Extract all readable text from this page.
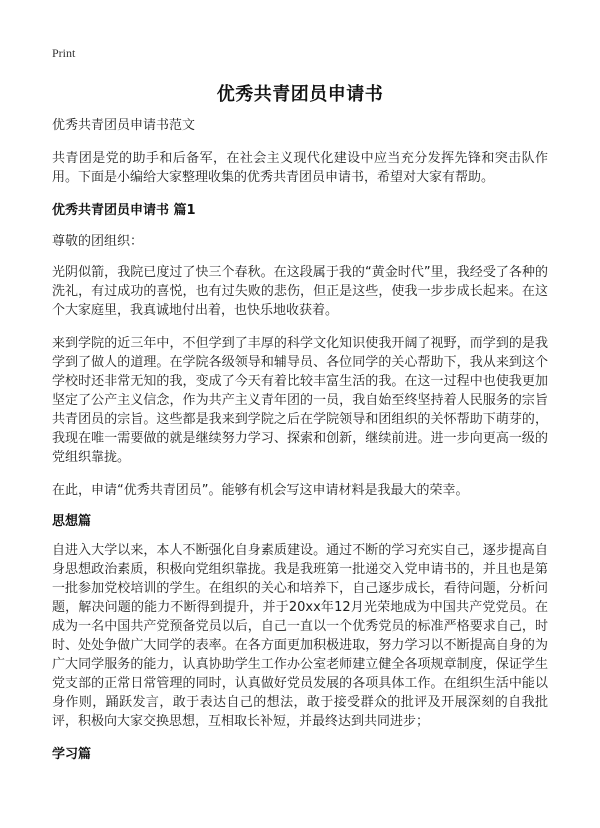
Print
优秀共青团员申请书

优秀共青团员申请书范文

共青团是党的助手和后备军，在社会主义现代化建设中应当充分发挥先锋和突击队作用。下面是小编给大家整理收集的优秀共青团员申请书，希望对大家有帮助。

优秀共青团员申请书 篇1

尊敬的团组织：

光阴似箭，我院已度过了快三个春秋。在这段属于我的“黄金时代”里，我经受了各种的洗礼，有过成功的喜悦，也有过失败的悲伤，但正是这些，使我一步步成长起来。在这个大家庭里，我真诚地付出着，也快乐地收获着。

来到学院的近三年中，不但学到了丰厚的科学文化知识使我开阔了视野，而学到的是我学到了做人的道理。在学院各级领导和辅导员、各位同学的关心帮助下，我从来到这个学校时还非常无知的我，变成了今天有着比较丰富生活的我。在这一过程中也使我更加坚定了公产主义信念，作为共产主义青年团的一员，我自始至终坚持着人民服务的宗旨共青团员的宗旨。这些都是我来到学院之后在学院领导和团组织的关怀帮助下萌芽的，我现在唯一需要做的就是继续努力学习、探索和创新，继续前进。进一步向更高一级的党组织靠拢。

在此，申请“优秀共青团员”。能够有机会写这申请材料是我最大的荣幸。

思想篇

自进入大学以来，本人不断强化自身素质建设。通过不断的学习充实自己，逐步提高自身思想政治素质，积极向党组织靠拢。我是我班第一批递交入党申请书的，并且也是第一批参加党校培训的学生。在组织的关心和培养下，自己逐步成长，看待问题，分析问题，解决问题的能力不断得到提升，并于20xx年12月光荣地成为中国共产党党员。在成为一名中国共产党预备党员以后，自己一直以一个优秀党员的标准严格要求自己，时时、处处争做广大同学的表率。在各方面更加积极进取，努力学习以不断提高自身的为广大同学服务的能力，认真协助学生工作办公室老师建立健全各项规章制度，保证学生党支部的正常日常管理的同时，认真做好党员发展的各项具体工作。在组织生活中能以身作则，踊跃发言，敢于表达自己的想法，敢于接受群众的批评及开展深刻的自我批评，积极向大家交换思想，互相取长补短，并最终达到共同进步；

学习篇
